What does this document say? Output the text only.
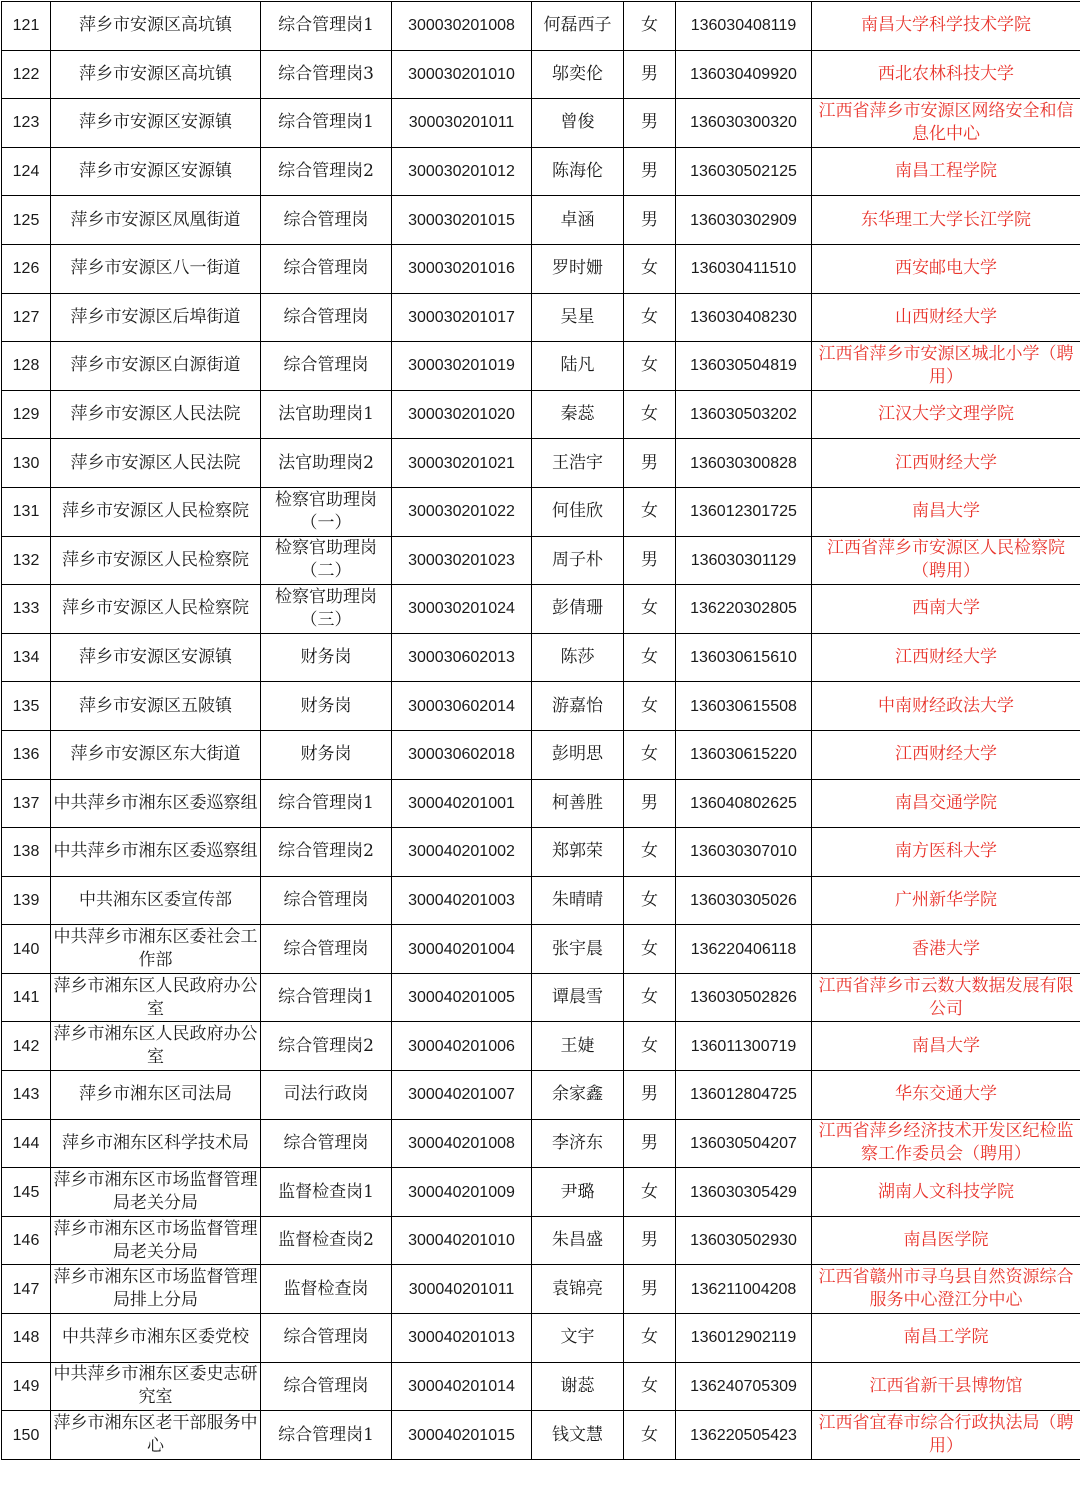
121	萍乡市安源区高坑镇	综合管理岗1	300030201008	何磊西子	女	136030408119	南昌大学科学技术学院
122	萍乡市安源区高坑镇	综合管理岗3	300030201010	邬奕伦	男	136030409920	西北农林科技大学
123	萍乡市安源区安源镇	综合管理岗1	300030201011	曾俊	男	136030300320	江西省萍乡市安源区网络安全和信息化中心
124	萍乡市安源区安源镇	综合管理岗2	300030201012	陈海伦	男	136030502125	南昌工程学院
125	萍乡市安源区凤凰街道	综合管理岗	300030201015	卓涵	男	136030302909	东华理工大学长江学院
126	萍乡市安源区八一街道	综合管理岗	300030201016	罗时姗	女	136030411510	西安邮电大学
127	萍乡市安源区后埠街道	综合管理岗	300030201017	吴星	女	136030408230	山西财经大学
128	萍乡市安源区白源街道	综合管理岗	300030201019	陆凡	女	136030504819	江西省萍乡市安源区城北小学（聘用）
129	萍乡市安源区人民法院	法官助理岗1	300030201020	秦蕊	女	136030503202	江汉大学文理学院
130	萍乡市安源区人民法院	法官助理岗2	300030201021	王浩宇	男	136030300828	江西财经大学
131	萍乡市安源区人民检察院	检察官助理岗（一）	300030201022	何佳欣	女	136012301725	南昌大学
132	萍乡市安源区人民检察院	检察官助理岗（二）	300030201023	周子朴	男	136030301129	江西省萍乡市安源区人民检察院（聘用）
133	萍乡市安源区人民检察院	检察官助理岗（三）	300030201024	彭倩珊	女	136220302805	西南大学
134	萍乡市安源区安源镇	财务岗	300030602013	陈莎	女	136030615610	江西财经大学
135	萍乡市安源区五陂镇	财务岗	300030602014	游嘉怡	女	136030615508	中南财经政法大学
136	萍乡市安源区东大街道	财务岗	300030602018	彭明思	女	136030615220	江西财经大学
137	中共萍乡市湘东区委巡察组	综合管理岗1	300040201001	柯善胜	男	136040802625	南昌交通学院
138	中共萍乡市湘东区委巡察组	综合管理岗2	300040201002	郑郭荣	女	136030307010	南方医科大学
139	中共湘东区委宣传部	综合管理岗	300040201003	朱晴晴	女	136030305026	广州新华学院
140	中共萍乡市湘东区委社会工作部	综合管理岗	300040201004	张宇晨	女	136220406118	香港大学
141	萍乡市湘东区人民政府办公室	综合管理岗1	300040201005	谭晨雪	女	136030502826	江西省萍乡市云数大数据发展有限公司
142	萍乡市湘东区人民政府办公室	综合管理岗2	300040201006	王婕	女	136011300719	南昌大学
143	萍乡市湘东区司法局	司法行政岗	300040201007	余家鑫	男	136012804725	华东交通大学
144	萍乡市湘东区科学技术局	综合管理岗	300040201008	李济东	男	136030504207	江西省萍乡经济技术开发区纪检监察工作委员会（聘用）
145	萍乡市湘东区市场监督管理局老关分局	监督检查岗1	300040201009	尹璐	女	136030305429	湖南人文科技学院
146	萍乡市湘东区市场监督管理局老关分局	监督检查岗2	300040201010	朱昌盛	男	136030502930	南昌医学院
147	萍乡市湘东区市场监督管理局排上分局	监督检查岗	300040201011	袁锦亮	男	136211004208	江西省赣州市寻乌县自然资源综合服务中心澄江分中心
148	中共萍乡市湘东区委党校	综合管理岗	300040201013	文宇	女	136012902119	南昌工学院
149	中共萍乡市湘东区委史志研究室	综合管理岗	300040201014	谢蕊	女	136240705309	江西省新干县博物馆
150	萍乡市湘东区老干部服务中心	综合管理岗1	300040201015	钱文慧	女	136220505423	江西省宜春市综合行政执法局（聘用）
